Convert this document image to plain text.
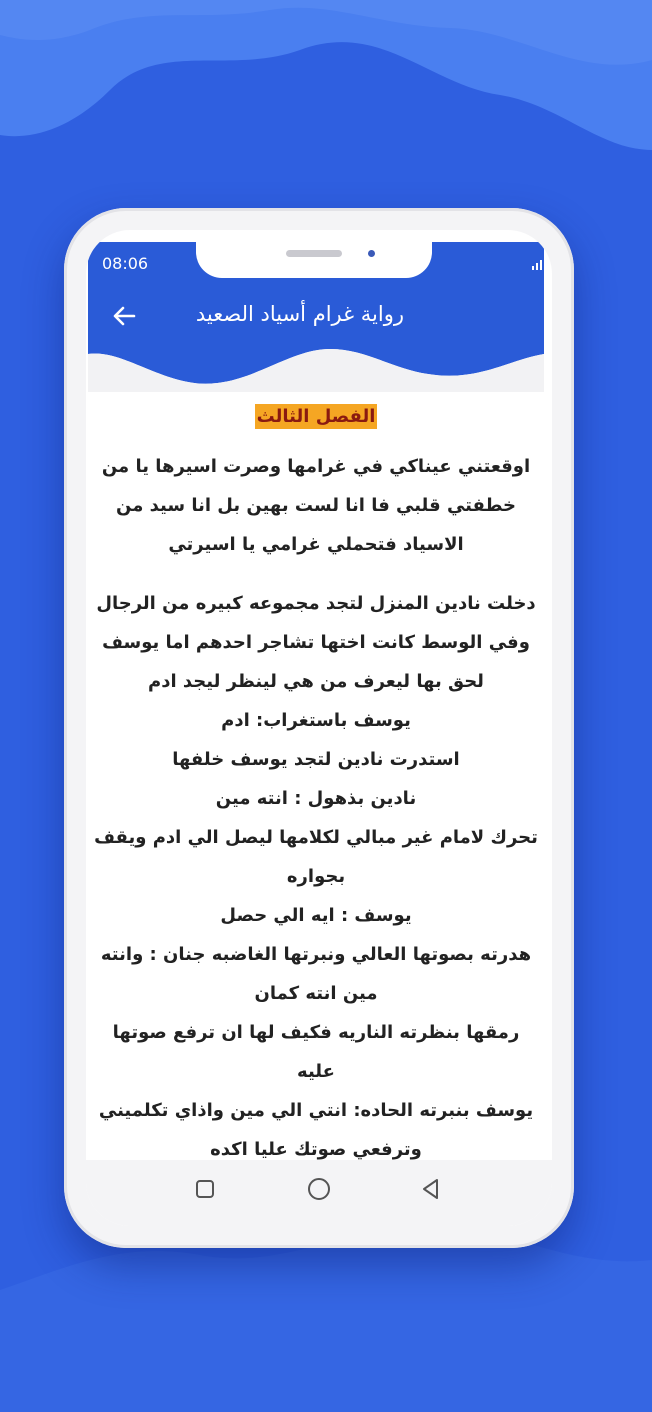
08:06
رواية غرام أسياد الصعيد
الفصل الثالث
اوقعتني عيناكي في غرامها وصرت اسيرها يا من
خطفتي قلبي فا انا لست بهين بل انا سيد من
الاسياد فتحملي غرامي يا اسيرتي
دخلت نادين المنزل لتجد مجموعه كبيره من الرجال
وفي الوسط كانت اختها تشاجر احدهم اما يوسف
لحق بها ليعرف من هي لينظر ليجد ادم
يوسف باستغراب: ادم
استدرت نادين لتجد يوسف خلفها
نادين بذهول : انته مين
تحرك لامام غير مبالي لكلامها ليصل الي ادم ويقف
بجواره
يوسف : ايه الي حصل
هدرته بصوتها العالي ونبرتها الغاضبه جنان : وانته
مين انته كمان
رمقها بنظرته الناريه فكيف لها ان ترفع صوتها عليه
يوسف بنبرته الحاده: انتي الي مين واذاي تكلميني
وترفعي صوتك عليا اكده
